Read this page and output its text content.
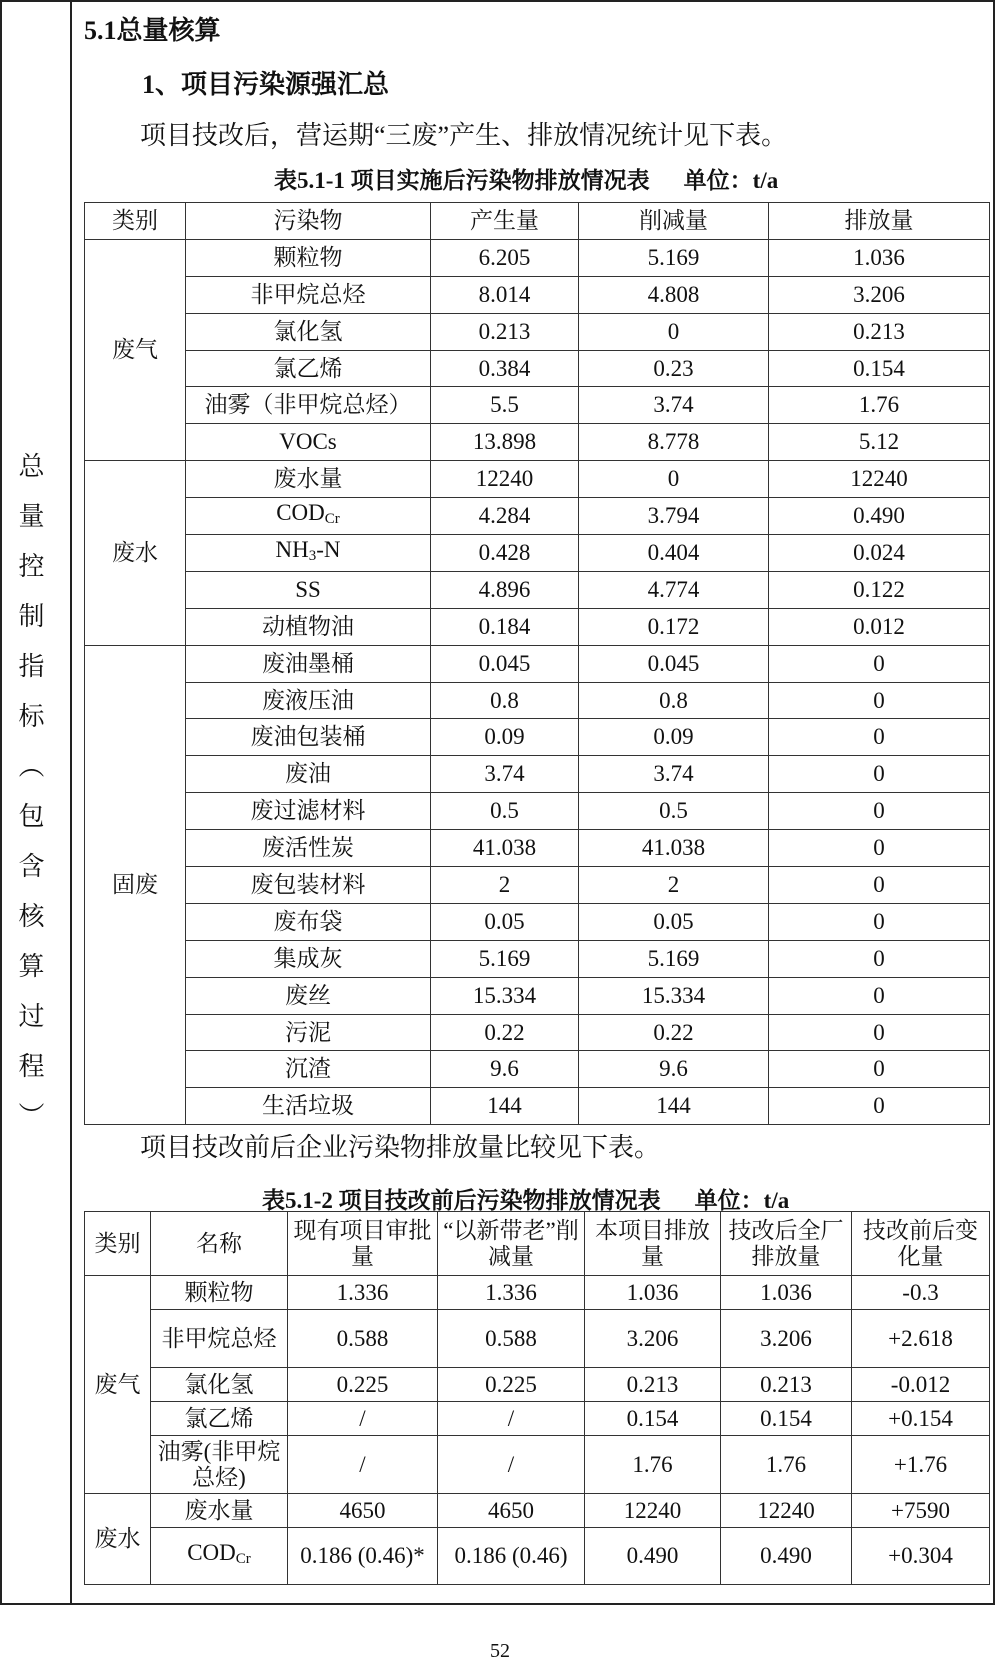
总量控制指标（包含核算过程）
5.1总量核算
1、项目污染源强汇总
项目技改后，营运期“三废”产生、排放情况统计见下表。
表5.1-1 项目实施后污染物排放情况表 单位：t/a
类别	污染物	产生量	削减量	排放量
废气	颗粒物	6.205	5.169	1.036
	非甲烷总烃	8.014	4.808	3.206
	氯化氢	0.213	0	0.213
	氯乙烯	0.384	0.23	0.154
	油雾（非甲烷总烃）	5.5	3.74	1.76
	VOCs	13.898	8.778	5.12
废水	废水量	12240	0	12240
	$COD_{Cr}$	4.284	3.794	0.490
	$NH_3-N$	0.428	0.404	0.024
	SS	4.896	4.774	0.122
	动植物油	0.184	0.172	0.012
固废	废油墨桶	0.045	0.045	0
	废液压油	0.8	0.8	0
	废油包装桶	0.09	0.09	0
	废油	3.74	3.74	0
	废过滤材料	0.5	0.5	0
	废活性炭	41.038	41.038	0
	废包装材料	2	2	0
	废布袋	0.05	0.05	0
	集成灰	5.169	5.169	0
	废丝	15.334	15.334	0
	污泥	0.22	0.22	0
	沉渣	9.6	9.6	0
	生活垃圾	144	144	0
项目技改前后企业污染物排放量比较见下表。
表5.1-2 项目技改前后污染物排放情况表 单位：t/a
类别	名称	现有项目审批量	“以新带老”削减量	本项目排放量	技改后全厂排放量	技改前后变化量
废气	颗粒物	1.336	1.336	1.036	1.036	-0.3
	非甲烷总烃	0.588	0.588	3.206	3.206	+2.618
	氯化氢	0.225	0.225	0.213	0.213	-0.012
	氯乙烯	/	/	0.154	0.154	+0.154
	油雾(非甲烷总烃)	/	/	1.76	1.76	+1.76
废水	废水量	4650	4650	12240	12240	+7590
	$COD_{Cr}$	0.186 (0.46)*	0.186 (0.46)	0.490	0.490	+0.304
52
